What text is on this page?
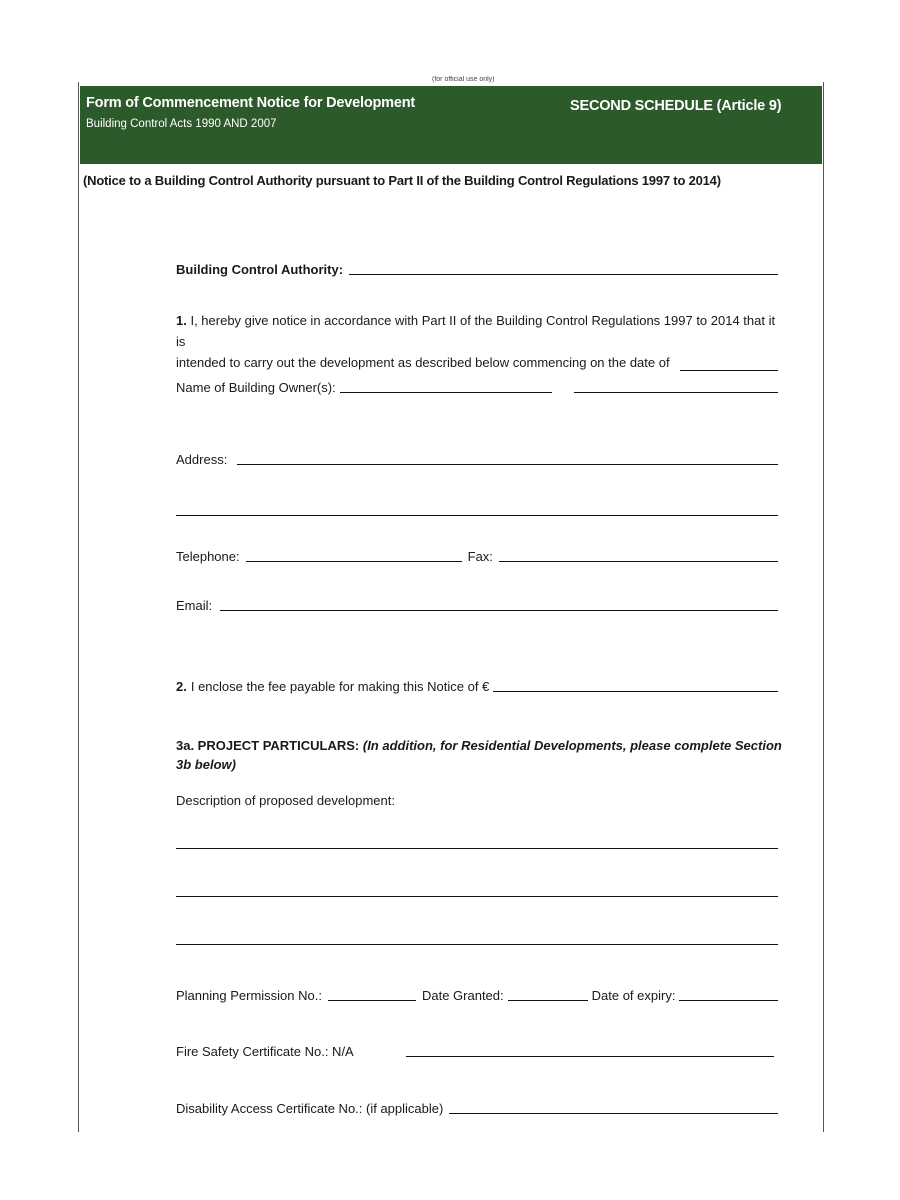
(for official use only)
Form of Commencement Notice for Development
Building Control Acts 1990 AND 2007
SECOND SCHEDULE (Article 9)
(Notice to a Building Control Authority pursuant to Part II of the Building Control Regulations 1997 to 2014)
Building Control Authority:
1. I, hereby give notice in accordance with Part II of the Building Control Regulations 1997 to 2014 that it is
intended to carry out the development as described below commencing on the date of
Name of Building Owner(s):
Address:
Telephone:	Fax:
Email:
2. I enclose the fee payable for making this Notice of €
3a. PROJECT PARTICULARS: (In addition, for Residential Developments, please complete Section 3b below)
Description of proposed development:
Planning Permission No.:	Date Granted:	Date of expiry:
Fire Safety Certificate No.: N/A
Disability Access Certificate No.: (if applicable)
